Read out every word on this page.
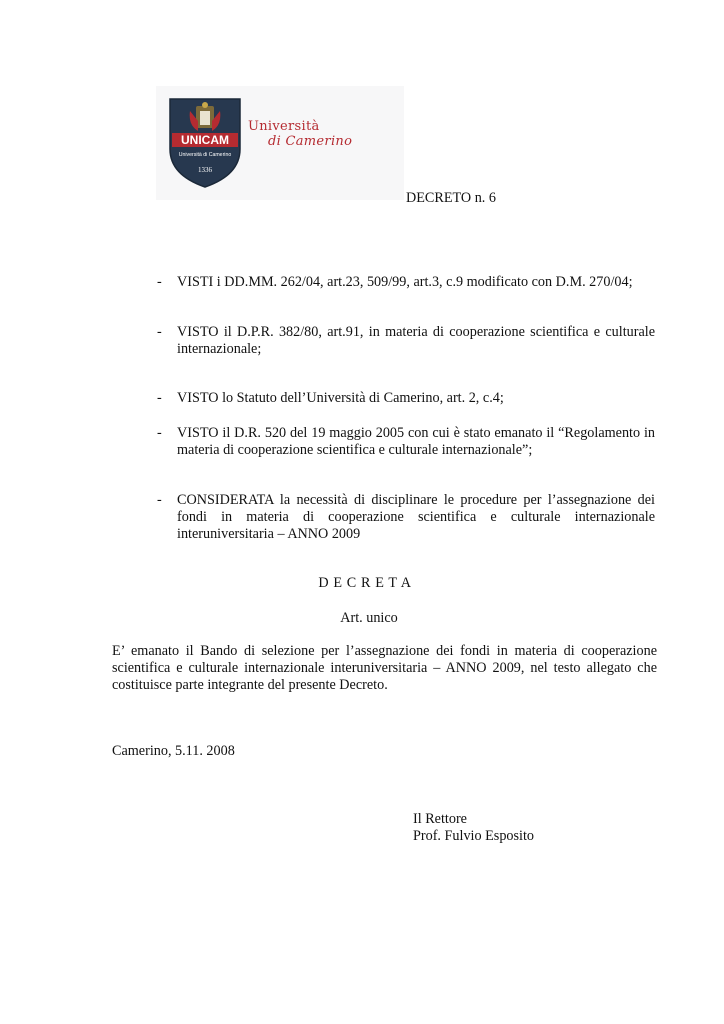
UNICAM
Università di Camerino
1336
Università
di Camerino
DECRETO n. 6
- VISTI i DD.MM. 262/04, art.23, 509/99, art.3, c.9 modificato con D.M. 270/04;
- VISTO il D.P.R. 382/80, art.91, in materia di cooperazione scientifica e culturale internazionale;
- VISTO lo Statuto dell’Università di Camerino, art. 2, c.4;
- VISTO il D.R. 520 del 19 maggio 2005 con cui è stato emanato il “Regolamento in materia di cooperazione scientifica e culturale internazionale”;
- CONSIDERATA la necessità di disciplinare le procedure per l’assegnazione dei fondi in materia di cooperazione scientifica e culturale internazionale interuniversitaria – ANNO 2009
D E C R E T A
Art. unico
E’ emanato il Bando di selezione per l’assegnazione dei fondi in materia di cooperazione scientifica e culturale internazionale interuniversitaria – ANNO 2009, nel testo allegato che costituisce parte integrante del presente Decreto.
Camerino, 5.11. 2008
Il Rettore
Prof. Fulvio Esposito
